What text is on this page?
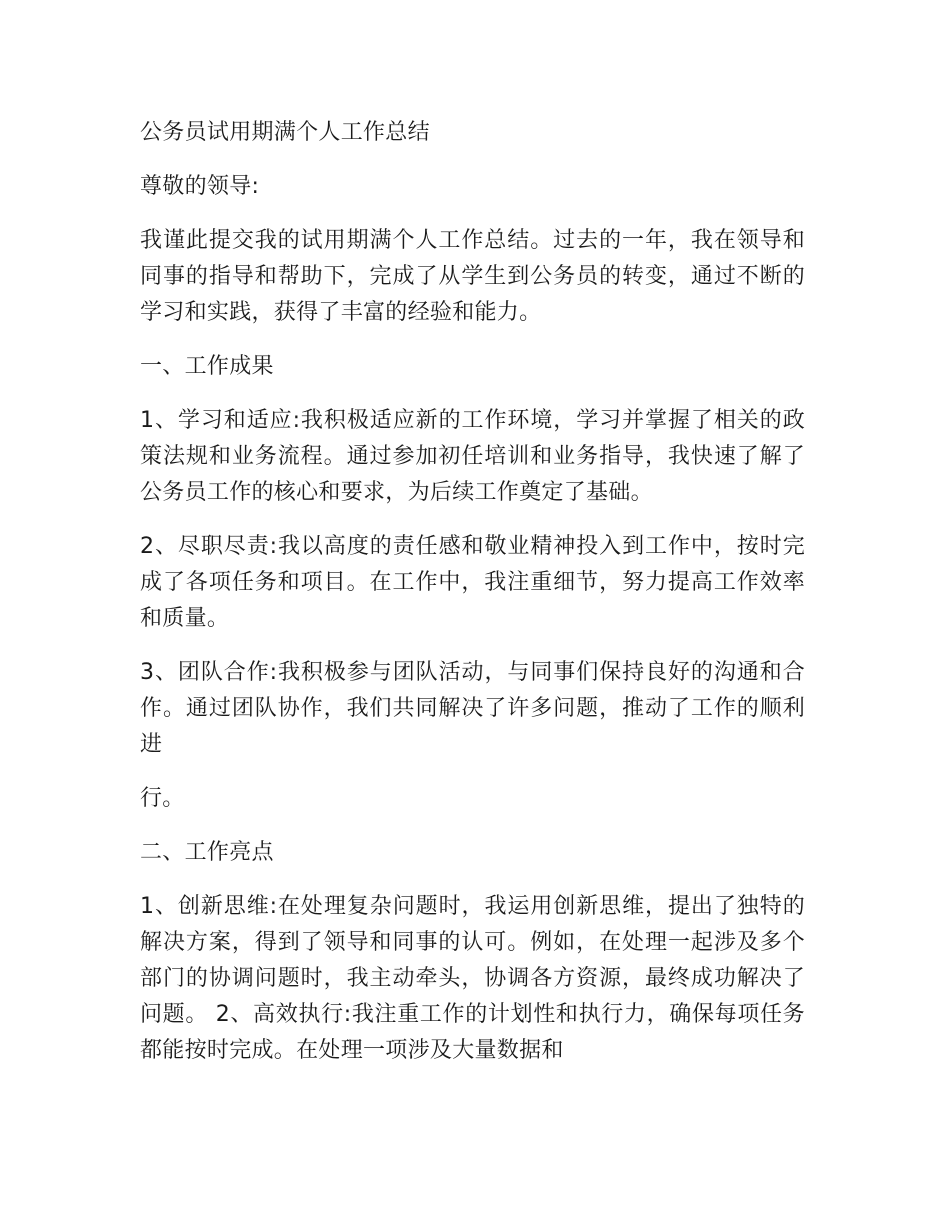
公务员试用期满个人工作总结

尊敬的领导:

我谨此提交我的试用期满个人工作总结。过去的一年，我在领导和同事的指导和帮助下，完成了从学生到公务员的转变，通过不断的学习和实践，获得了丰富的经验和能力。

一、工作成果

1、学习和适应:我积极适应新的工作环境，学习并掌握了相关的政策法规和业务流程。通过参加初任培训和业务指导，我快速了解了公务员工作的核心和要求，为后续工作奠定了基础。

2、尽职尽责:我以高度的责任感和敬业精神投入到工作中，按时完成了各项任务和项目。在工作中，我注重细节，努力提高工作效率和质量。

3、团队合作:我积极参与团队活动，与同事们保持良好的沟通和合作。通过团队协作，我们共同解决了许多问题，推动了工作的顺利进

行。

二、工作亮点

1、创新思维:在处理复杂问题时，我运用创新思维，提出了独特的解决方案，得到了领导和同事的认可。例如，在处理一起涉及多个部门的协调问题时，我主动牵头，协调各方资源，最终成功解决了问题。 2、高效执行:我注重工作的计划性和执行力，确保每项任务都能按时完成。在处理一项涉及大量数据和
